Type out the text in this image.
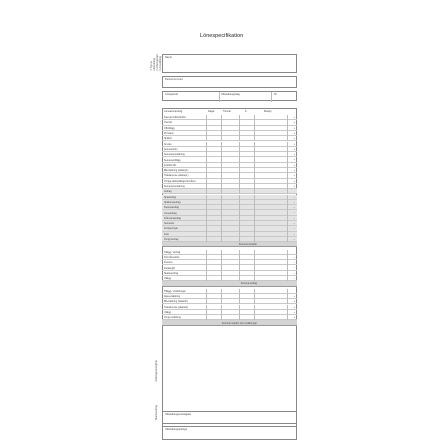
Lönespecifikation
1 Typ av
utbetalning
2 Arbetsgivare
3 Anställning
Arbetsgivaravgifter
Skatteavdrag
Namn
Personnummer
Löneperiod	Utbetalningsdag	Nr
Lönearter/avdrag	Dagar	Timmar	À	Belopp
Fast grundlön/timlön	+
Övertid	+
OB-tillägg	+
Provision	+
Sjuklön	+
Arvode	+
Semesterlön	+
Semesterersättning	+
Semestertillägg	+
Kostförmån	+
Bilersättning (skattepl.)	+
Traktamente (skattepl.)	+
Övriga skattepliktiga förmåner	+
Semesterersättning	+
Avdrag
Sjukavdrag	–
Sjuklöneavdrag	–
Karensavdrag	–
Löneavdrag	–
Frånvaroavdrag	–
Semester	–
Korrigeringar	–
Kost	–
Övrigt avdrag	–
Summa bruttolön
Tillägg / avdrag
Förmånsvärde	–
Pension	–
Fackavgift	–
Skatteavdrag	–
Utlägg	–
Summa avdrag
Tillägg / ersättningar
Reseersättning	+
Bilersättning (skattefri)	+
Traktamente (skattefri)	+
Utlägg	+
Övrig ersättning	+
Summa nettolön och ersättningar
Utbetalningsmottagare
Utbetalningsbelopp
